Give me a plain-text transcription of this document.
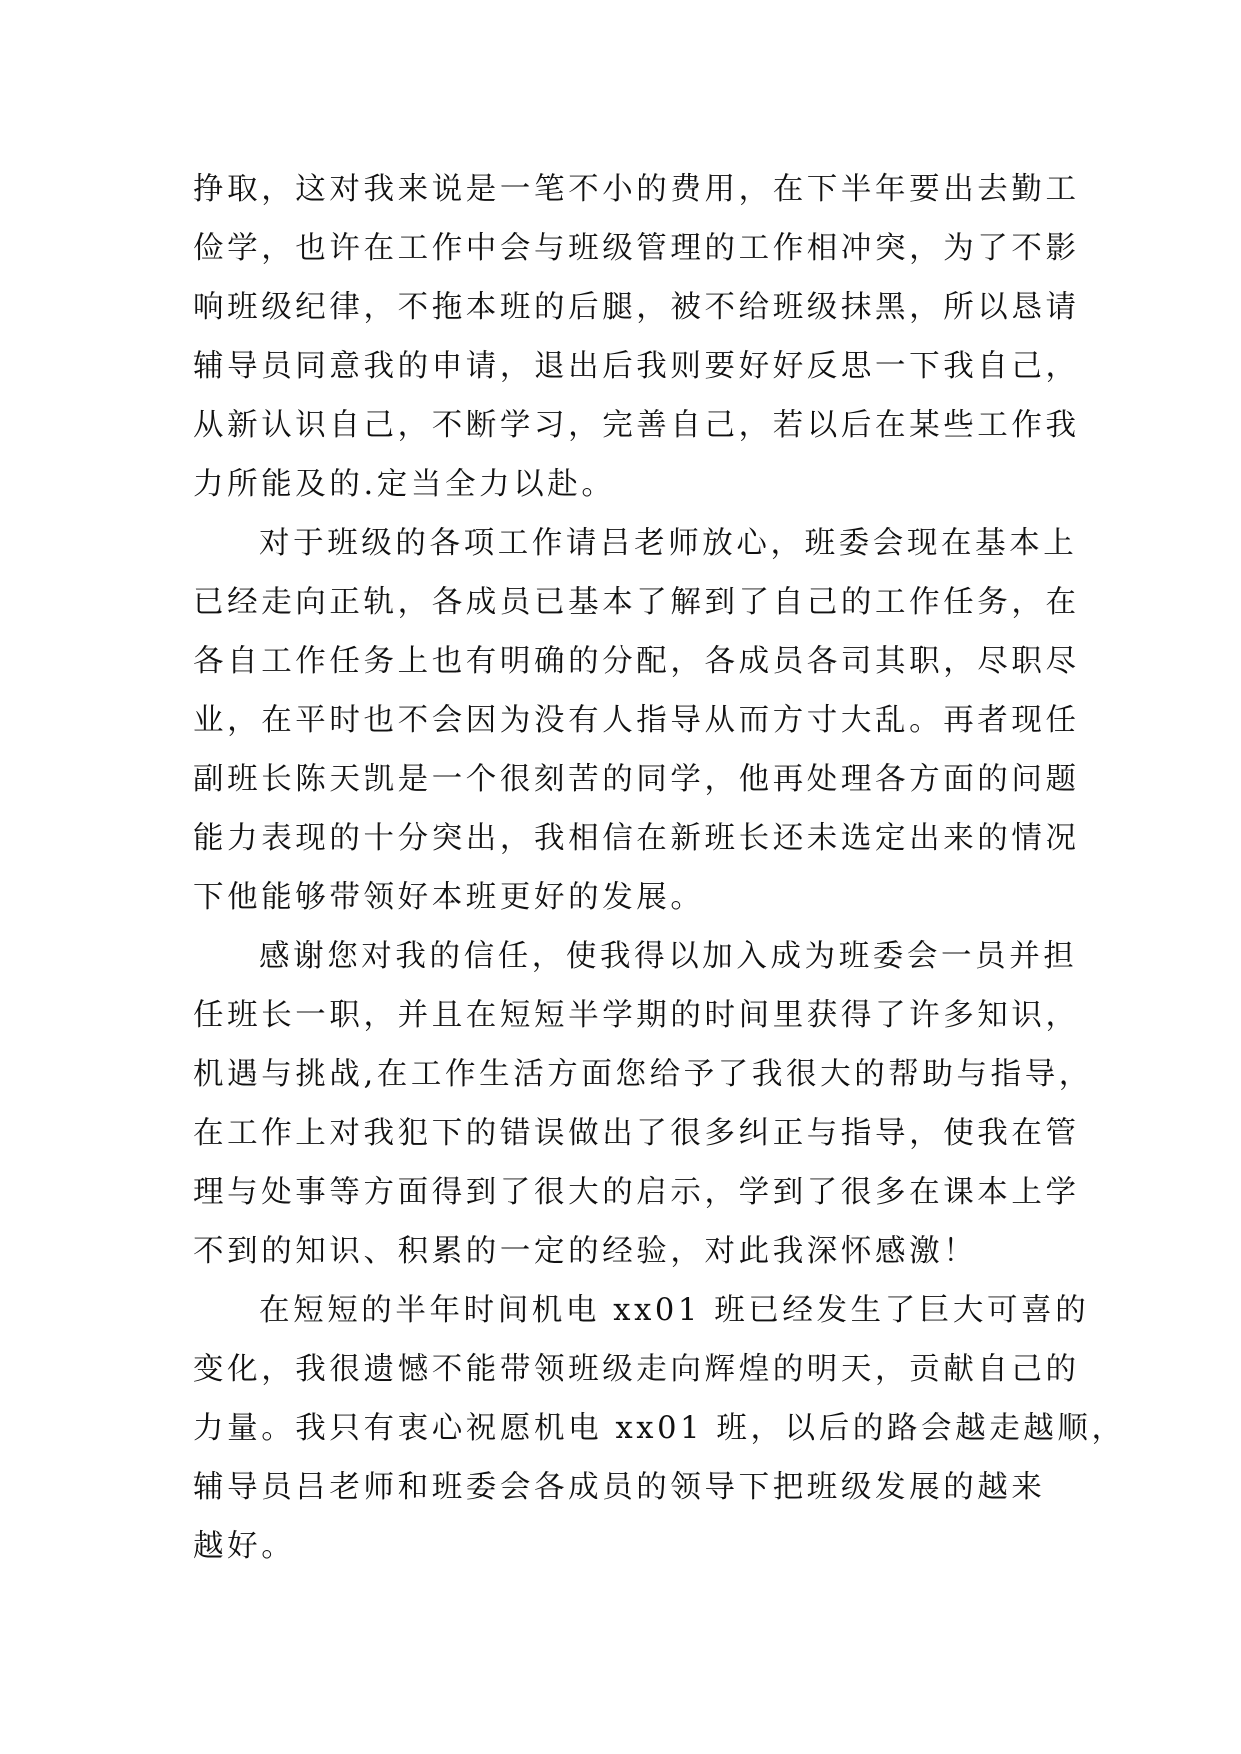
挣取，这对我来说是一笔不小的费用，在下半年要出去勤工
俭学，也许在工作中会与班级管理的工作相冲突，为了不影
响班级纪律，不拖本班的后腿，被不给班级抹黑，所以恳请
辅导员同意我的申请，退出后我则要好好反思一下我自己，
从新认识自己，不断学习，完善自己，若以后在某些工作我
力所能及的.定当全力以赴。
对于班级的各项工作请吕老师放心，班委会现在基本上
已经走向正轨，各成员已基本了解到了自己的工作任务，在
各自工作任务上也有明确的分配，各成员各司其职，尽职尽
业，在平时也不会因为没有人指导从而方寸大乱。再者现任
副班长陈天凯是一个很刻苦的同学，他再处理各方面的问题
能力表现的十分突出，我相信在新班长还未选定出来的情况
下他能够带领好本班更好的发展。
感谢您对我的信任，使我得以加入成为班委会一员并担
任班长一职，并且在短短半学期的时间里获得了许多知识，
机遇与挑战,在工作生活方面您给予了我很大的帮助与指导，
在工作上对我犯下的错误做出了很多纠正与指导，使我在管
理与处事等方面得到了很大的启示，学到了很多在课本上学
不到的知识、积累的一定的经验，对此我深怀感激！
在短短的半年时间机电 xx01 班已经发生了巨大可喜的
变化，我很遗憾不能带领班级走向辉煌的明天，贡献自己的
力量。我只有衷心祝愿机电 xx01 班，以后的路会越走越顺，
辅导员吕老师和班委会各成员的领导下把班级发展的越来
越好。
